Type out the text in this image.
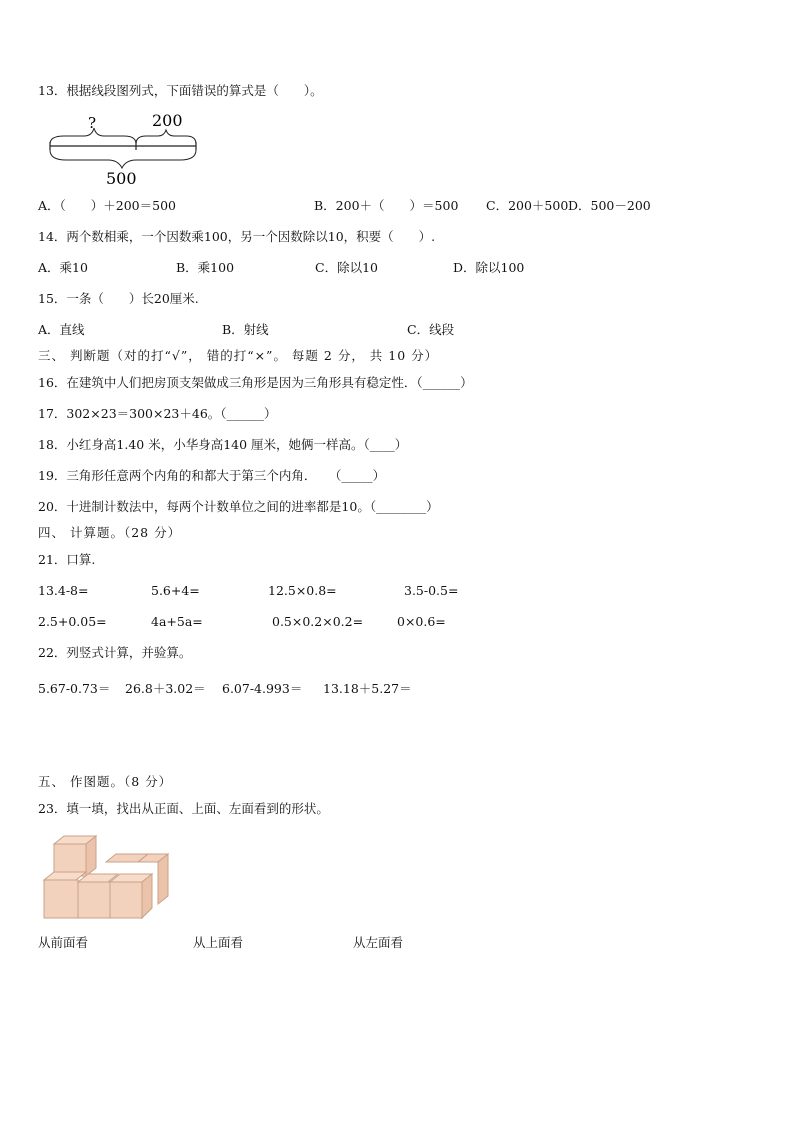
13．根据线段图列式，下面错误的算式是（　　）。
?	200
500
A．（　　）＋200＝500	B．200＋（　　）＝500 C．200＋500 D．500－200
14．两个数相乘，一个因数乘100，另一个因数除以10，积要（　　）.
A．乘10	B．乘100	C．除以10	D．除以100
15．一条（　　）长20厘米.
A．直线	B．射线	C．线段
三、 判断题（对的打“√”， 错的打“×”。 每题 2 分， 共 10 分）
16．在建筑中人们把房顶支架做成三角形是因为三角形具有稳定性．（______）
17．302×23＝300×23＋46。（______）
18．小红身高1.40 米，小华身高140 厘米，她俩一样高。（____）
19．三角形任意两个内角的和都大于第三个内角．　　（_____）
20．十进制计数法中，每两个计数单位之间的进率都是10。（________）
四、 计算题。（28 分）
21．口算.
13.4-8=	5.6+4=	12.5×0.8=	3.5-0.5=
2.5+0.05=	4a+5a=	0.5×0.2×0.2=	0×0.6=
22．列竖式计算，并验算。
5.67-0.73＝ 26.8＋3.02＝ 6.07-4.993＝ 13.18＋5.27＝
五、 作图题。（8 分）
23．填一填，找出从正面、上面、左面看到的形状。
从前面看	从上面看	从左面看
